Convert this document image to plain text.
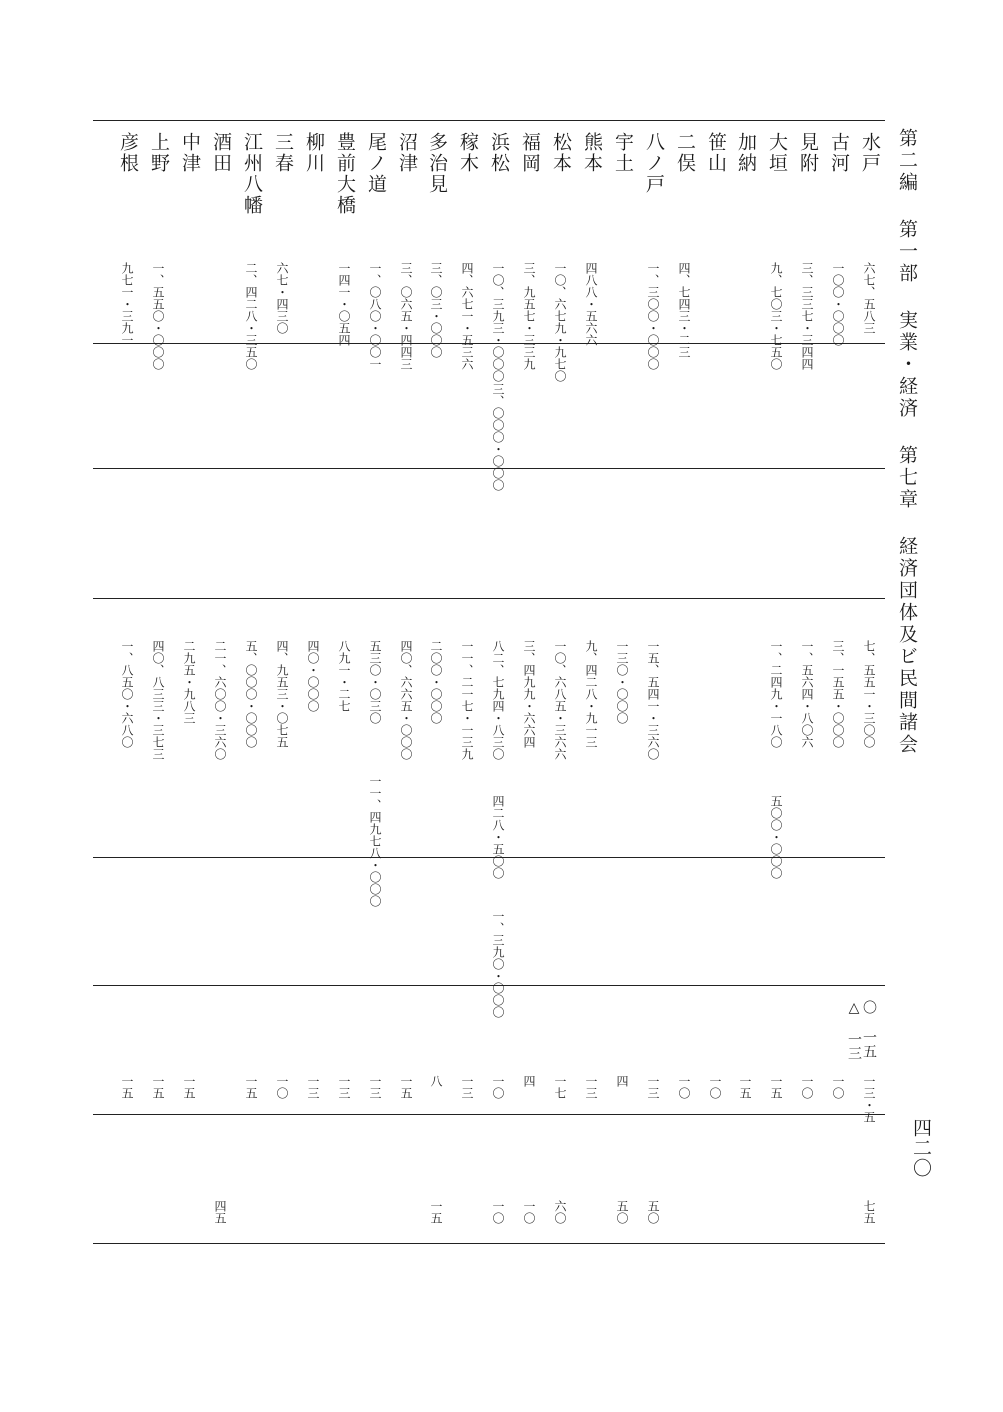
第二編 第一部 実業・経済 第七章 経済団体及ビ民間諸会
四二〇
水戸
六七、五八三
七、五五一・三〇〇
一三・五
七五
古河
一〇〇・〇〇〇
三、一五五・〇〇〇
一〇
見附
三、三三七・三四四
一、五六四・八〇六
一〇
大垣
九、七〇三・七五〇
一、二四九・一八〇
一五
加納
一五
笹山
一〇
二俣
四、七四三・二三
一〇
八ノ戸
一、三〇〇・〇〇〇
一五、五四一・三六〇
一三
五〇
宇土
一三〇・〇〇〇
四
五〇
熊本
四八八・五六六
九、四二八・九一三
一三
松本
一〇、六七九・九七〇
一〇、六八五・三六六
一七
六〇
福岡
三、九五七・三三九
三、四九九・六六四
四
一〇
浜松
一〇、三九三・〇〇〇
八二、七九四・八三〇
一〇
一〇
稼木
四、六七一・五三六
一一、二一七・一三九
一三
多治見
三、〇三・〇〇〇
二〇〇・〇〇〇
八
一五
沼津
三、〇六五・四四三
四〇、六六五・〇〇〇
一五
尾ノ道
一、〇八〇・〇〇一
五三〇・〇三〇
一三
豊前大橋
一四一・〇五四
八九一・二七
一三
柳川
四〇・〇〇〇
一三
三春
六七・四三〇
四、九五三・〇七五
一〇
江州八幡
二、四二八・三五〇
五、〇〇〇・〇〇〇
一五
酒田
二一、六〇〇・三六〇
四五
中津
二九五・九八三
一五
上野
一、五五〇・〇〇〇
四〇、八三三・三七三
一五
彦根
九七一・三九一
一、八五〇・六八〇
一五
三、〇〇〇・〇〇〇
五〇〇・〇〇〇
四二八・五〇〇
一一、四九七八・〇〇〇
一、三九〇・〇〇〇
〇 一五
△ 一三
